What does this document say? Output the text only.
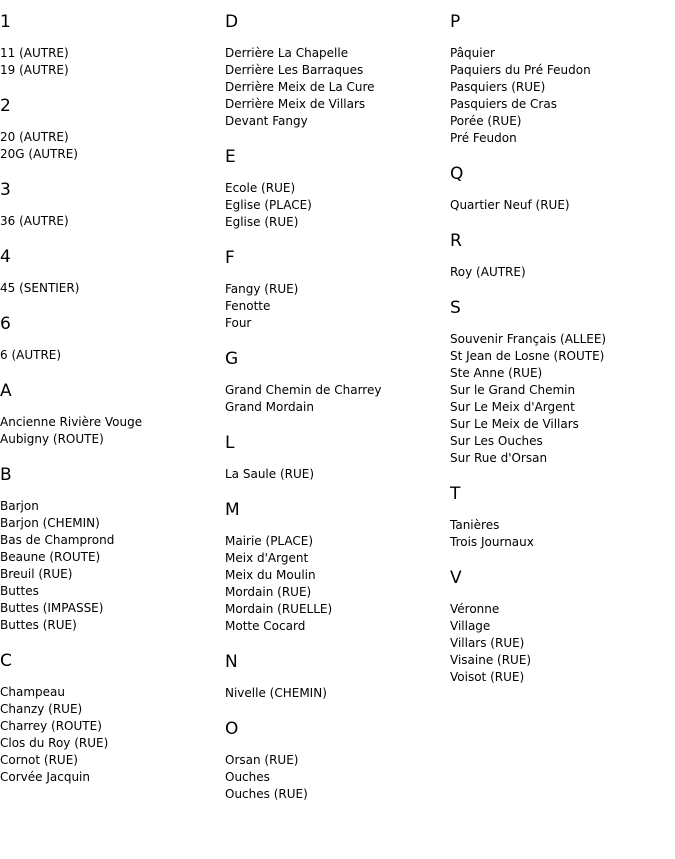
1
11 (AUTRE)
19 (AUTRE)
2
20 (AUTRE)
20G (AUTRE)
3
36 (AUTRE)
4
45 (SENTIER)
6
6 (AUTRE)
A
Ancienne Rivière Vouge
Aubigny (ROUTE)
B
Barjon
Barjon (CHEMIN)
Bas de Champrond
Beaune (ROUTE)
Breuil (RUE)
Buttes
Buttes (IMPASSE)
Buttes (RUE)
C
Champeau
Chanzy (RUE)
Charrey (ROUTE)
Clos du Roy (RUE)
Cornot (RUE)
Corvée Jacquin
D
Derrière La Chapelle
Derrière Les Barraques
Derrière Meix de La Cure
Derrière Meix de Villars
Devant Fangy
E
Ecole (RUE)
Eglise (PLACE)
Eglise (RUE)
F
Fangy (RUE)
Fenotte
Four
G
Grand Chemin de Charrey
Grand Mordain
L
La Saule (RUE)
M
Mairie (PLACE)
Meix d'Argent
Meix du Moulin
Mordain (RUE)
Mordain (RUELLE)
Motte Cocard
N
Nivelle (CHEMIN)
O
Orsan (RUE)
Ouches
Ouches (RUE)
P
Pâquier
Paquiers du Pré Feudon
Pasquiers (RUE)
Pasquiers de Cras
Porée (RUE)
Pré Feudon
Q
Quartier Neuf (RUE)
R
Roy (AUTRE)
S
Souvenir Français (ALLEE)
St Jean de Losne (ROUTE)
Ste Anne (RUE)
Sur le Grand Chemin
Sur Le Meix d'Argent
Sur Le Meix de Villars
Sur Les Ouches
Sur Rue d'Orsan
T
Tanières
Trois Journaux
V
Véronne
Village
Villars (RUE)
Visaine (RUE)
Voisot (RUE)
